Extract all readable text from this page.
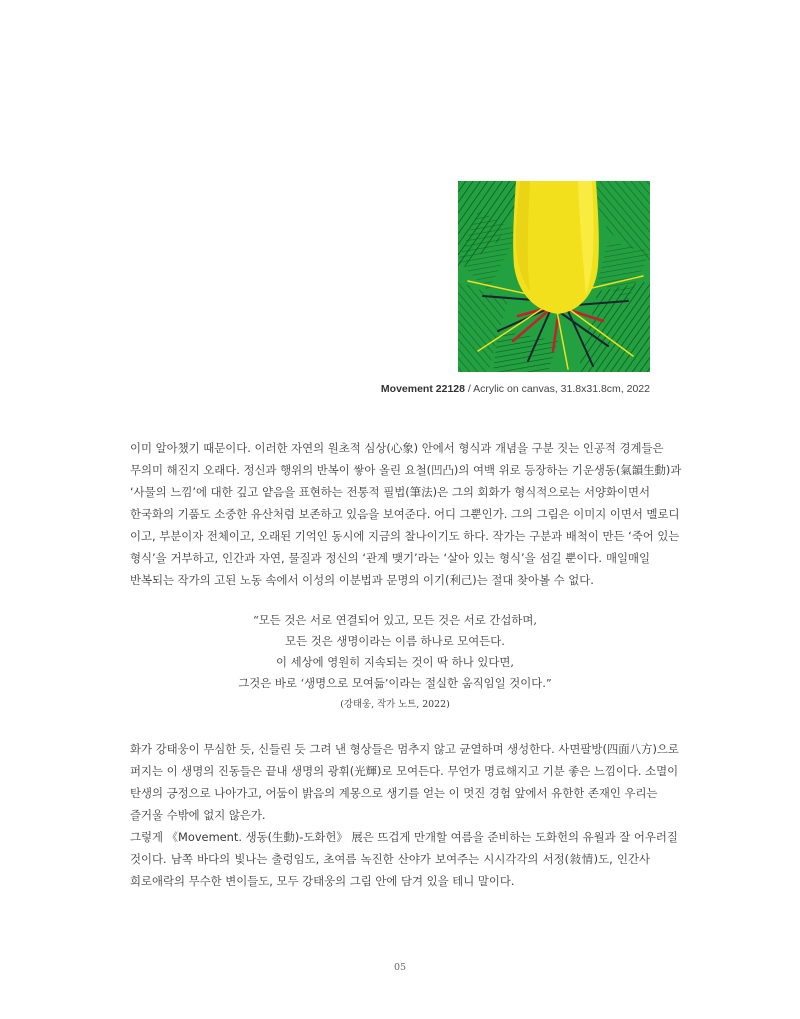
Movement 22128 / Acrylic on canvas, 31.8x31.8cm, 2022
이미 알아챘기 때문이다. 이러한 자연의 원초적 심상(心象) 안에서 형식과 개념을 구분 짓는 인공적 경계들은
무의미 해진지 오래다. 정신과 행위의 반복이 쌓아 올린 요철(凹凸)의 여백 위로 등장하는 기운생동(氣韻生動)과
‘사물의 느낌’에 대한 깊고 얕음을 표현하는 전통적 필법(筆法)은 그의 회화가 형식적으로는 서양화이면서
한국화의 기품도 소중한 유산처럼 보존하고 있음을 보여준다. 어디 그뿐인가. 그의 그림은 이미지 이면서 멜로디
이고, 부분이자 전체이고, 오래된 기억인 동시에 지금의 찰나이기도 하다. 작가는 구분과 배척이 만든 ‘죽어 있는
형식’을 거부하고, 인간과 자연, 물질과 정신의 ‘관계 맺기’라는 ‘살아 있는 형식’을 섬길 뿐이다. 매일매일
반복되는 작가의 고된 노동 속에서 이성의 이분법과 문명의 이기(利己)는 절대 찾아볼 수 없다.
“모든 것은 서로 연결되어 있고, 모든 것은 서로 간섭하며,
모든 것은 생명이라는 이름 하나로 모여든다.
이 세상에 영원히 지속되는 것이 딱 하나 있다면,
그것은 바로 ‘생명으로 모여듦’이라는 절실한 움직임일 것이다.”
(강태웅, 작가 노트, 2022)
화가 강태웅이 무심한 듯, 신들린 듯 그려 낸 형상들은 멈추지 않고 균열하며 생성한다. 사면팔방(四面八方)으로
퍼지는 이 생명의 진동들은 끝내 생명의 광휘(光輝)로 모여든다. 무언가 명료해지고 기분 좋은 느낌이다. 소멸이
탄생의 긍정으로 나아가고, 어둠이 밝음의 계몽으로 생기를 얻는 이 멋진 경험 앞에서 유한한 존재인 우리는
즐거울 수밖에 없지 않은가.
그렇게 《Movement. 생동(生動)-도화헌》 展은 뜨겁게 만개할 여름을 준비하는 도화헌의 유월과 잘 어우러질
것이다. 남쪽 바다의 빛나는 출렁임도, 초여름 녹진한 산야가 보여주는 시시각각의 서정(敍情)도, 인간사
희로애락의 무수한 변이들도, 모두 강태웅의 그림 안에 담겨 있을 테니 말이다.
05
